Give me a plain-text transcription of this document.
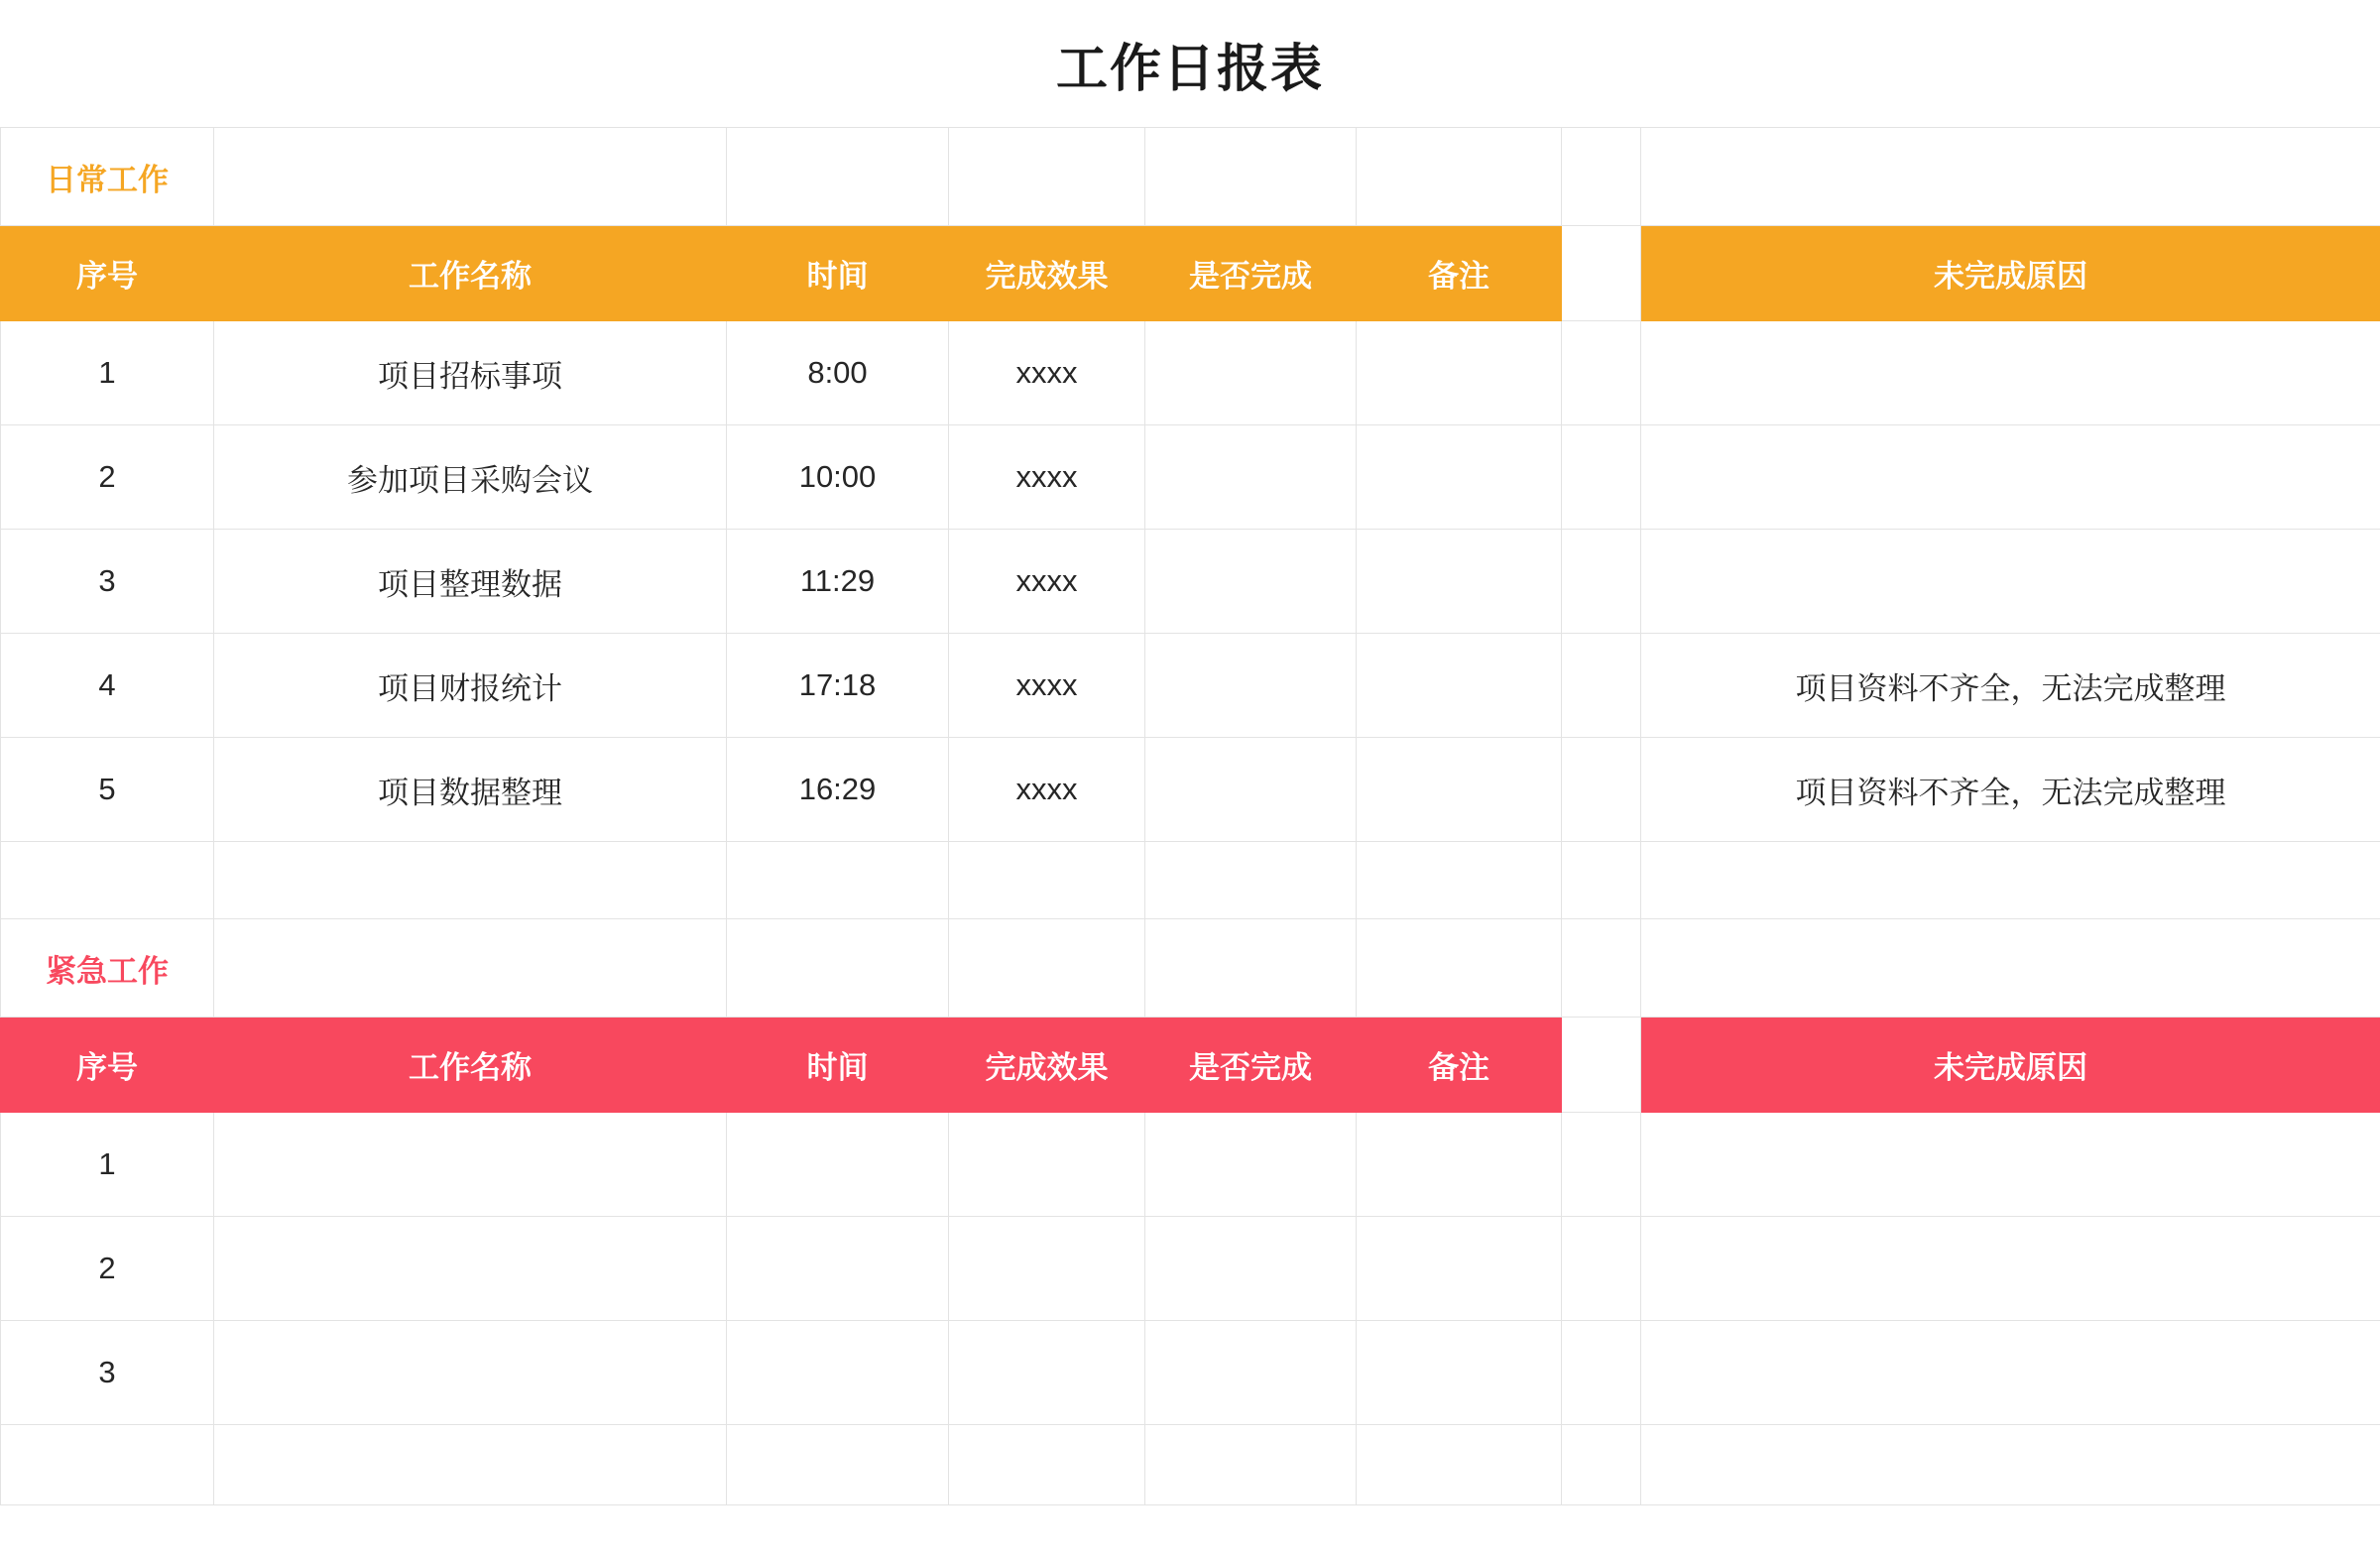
工作日报表
日常工作							
序号	工作名称	时间	完成效果	是否完成	备注		未完成原因
1	项目招标事项	8:00	xxxx				
2	参加项目采购会议	10:00	xxxx				
3	项目整理数据	11:29	xxxx				
4	项目财报统计	17:18	xxxx				项目资料不齐全，无法完成整理
5	项目数据整理	16:29	xxxx				项目资料不齐全，无法完成整理

紧急工作							
序号	工作名称	时间	完成效果	是否完成	备注		未完成原因
1							
2							
3							
